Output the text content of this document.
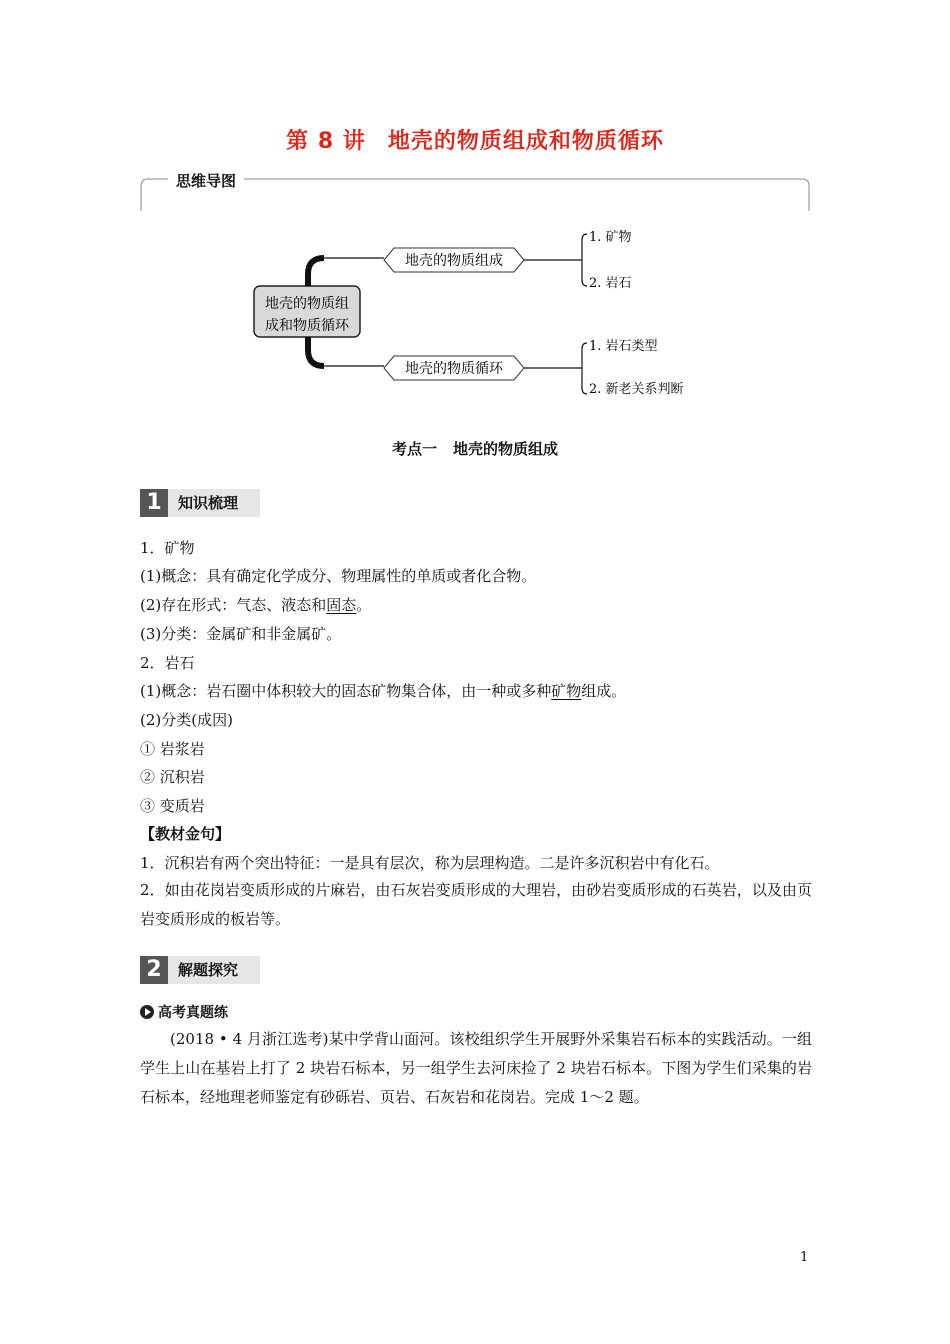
第 8 讲 地壳的物质组成和物质循环
思维导图
地壳的物质组
成和物质循环
地壳的物质组成
1. 矿物
2. 岩石
地壳的物质循环
1. 岩石类型
2. 新老关系判断
考点一 地壳的物质组成
1	知识梳理
1．矿物
(1)概念：具有确定化学成分、物理属性的单质或者化合物。
(2)存在形式：气态、液态和固态。
(3)分类：金属矿和非金属矿。
2．岩石
(1)概念：岩石圈中体积较大的固态矿物集合体，由一种或多种矿物组成。
(2)分类(成因)
① 岩浆岩
② 沉积岩
③ 变质岩
【教材金句】
1．沉积岩有两个突出特征：一是具有层次，称为层理构造。二是许多沉积岩中有化石。
2．如由花岗岩变质形成的片麻岩，由石灰岩变质形成的大理岩，由砂岩变质形成的石英岩，以及由页岩变质形成的板岩等。
2	解题探究
高考真题练
(2018 • 4 月浙江选考)某中学背山面河。该校组织学生开展野外采集岩石标本的实践活动。一组学生上山在基岩上打了 2 块岩石标本，另一组学生去河床捡了 2 块岩石标本。下图为学生们采集的岩石标本，经地理老师鉴定有砂砾岩、页岩、石灰岩和花岗岩。完成 1～2 题。
1
